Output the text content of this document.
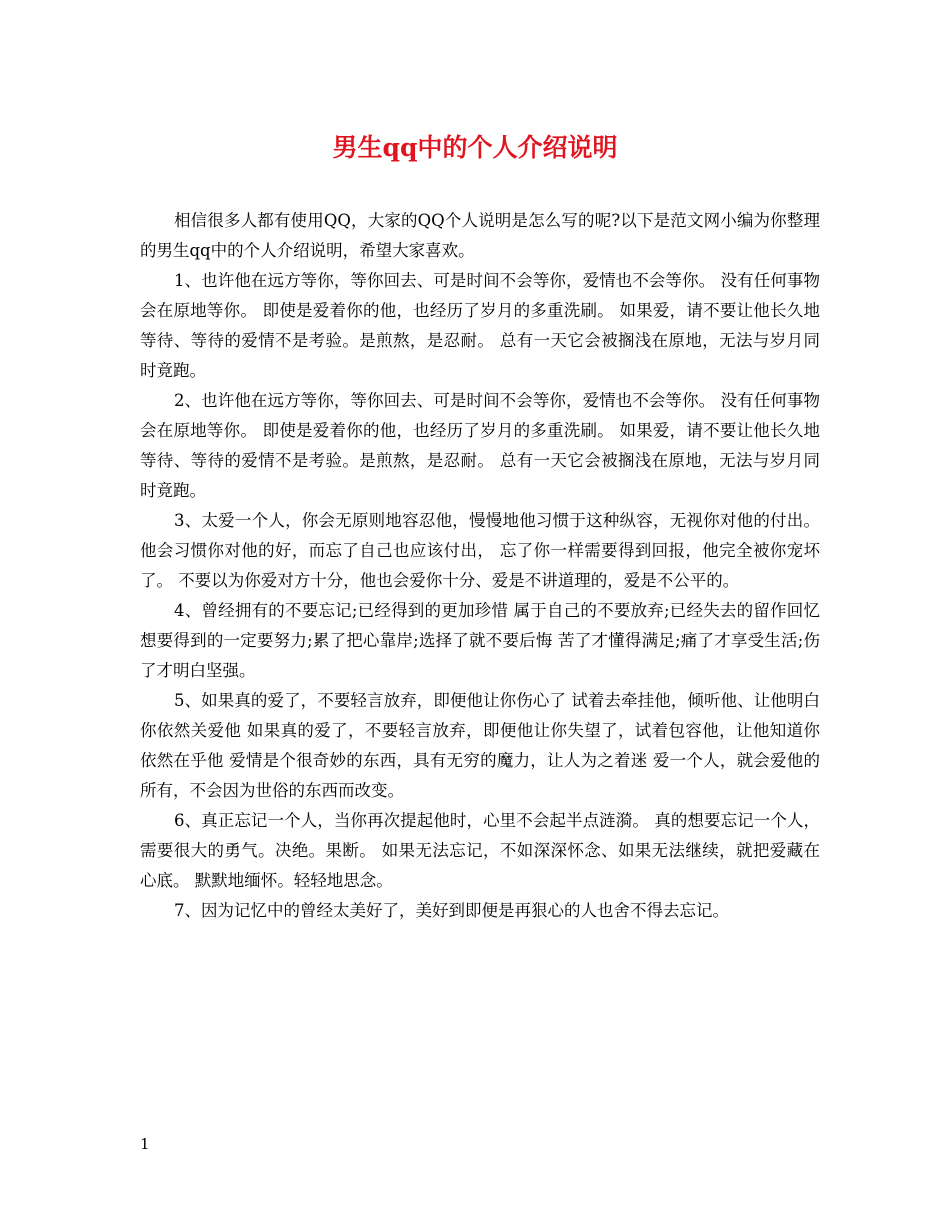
男生qq中的个人介绍说明

相信很多人都有使用QQ，大家的QQ个人说明是怎么写的呢?以下是范文网小编为你整理的男生qq中的个人介绍说明，希望大家喜欢。

1、也许他在远方等你，等你回去、可是时间不会等你，爱情也不会等你。 没有任何事物会在原地等你。 即使是爱着你的他，也经历了岁月的多重洗刷。 如果爱，请不要让他长久地等待、等待的爱情不是考验。是煎熬，是忍耐。 总有一天它会被搁浅在原地，无法与岁月同时竟跑。

2、也许他在远方等你，等你回去、可是时间不会等你，爱情也不会等你。 没有任何事物会在原地等你。 即使是爱着你的他，也经历了岁月的多重洗刷。 如果爱，请不要让他长久地等待、等待的爱情不是考验。是煎熬，是忍耐。 总有一天它会被搁浅在原地，无法与岁月同时竟跑。

3、太爱一个人，你会无原则地容忍他，慢慢地他习惯于这种纵容，无视你对他的付出。 他会习惯你对他的好，而忘了自己也应该付出， 忘了你一样需要得到回报，他完全被你宠坏了。 不要以为你爱对方十分，他也会爱你十分、爱是不讲道理的，爱是不公平的。

4、曾经拥有的不要忘记;已经得到的更加珍惜 属于自己的不要放弃;已经失去的留作回忆 想要得到的一定要努力;累了把心靠岸;选择了就不要后悔 苦了才懂得满足;痛了才享受生活;伤了才明白坚强。

5、如果真的爱了，不要轻言放弃，即便他让你伤心了 试着去牵挂他，倾听他、让他明白你依然关爱他 如果真的爱了，不要轻言放弃，即便他让你失望了，试着包容他，让他知道你依然在乎他 爱情是个很奇妙的东西，具有无穷的魔力，让人为之着迷 爱一个人，就会爱他的所有，不会因为世俗的东西而改变。

6、真正忘记一个人，当你再次提起他时，心里不会起半点涟漪。 真的想要忘记一个人，需要很大的勇气。决绝。果断。 如果无法忘记，不如深深怀念、如果无法继续，就把爱藏在心底。 默默地缅怀。轻轻地思念。

7、因为记忆中的曾经太美好了，美好到即便是再狠心的人也舍不得去忘记。

1
